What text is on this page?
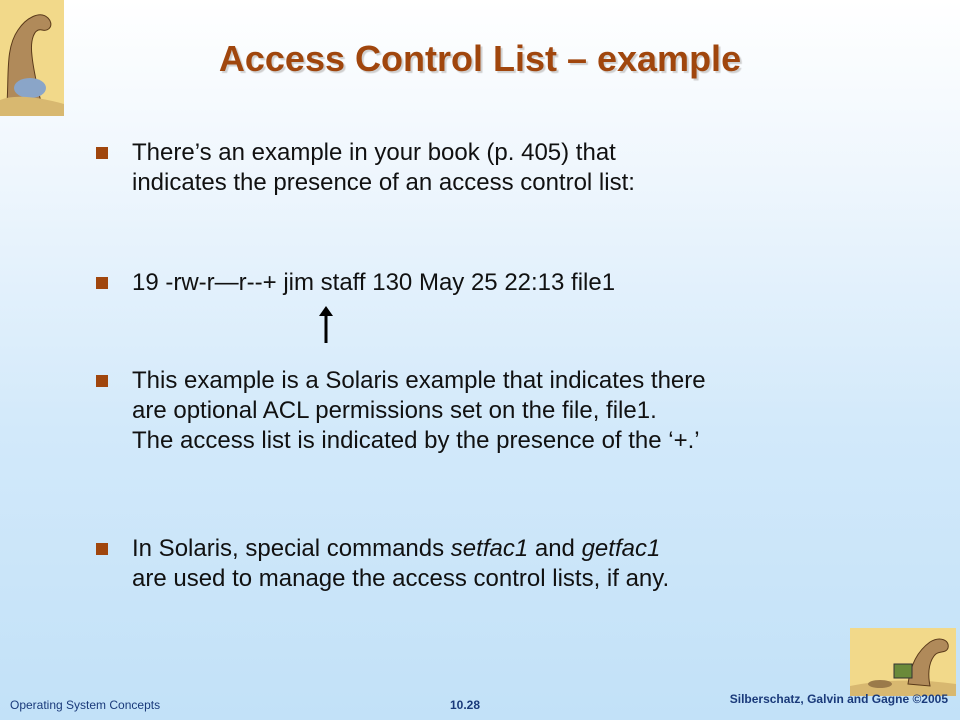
Access Control List – example
There’s an example in your book (p. 405) that
indicates the presence of an access control list:
19 -rw-r—r--+ jim staff 130 May 25 22:13 file1
This example is a Solaris example that indicates there
are optional ACL permissions set on the file, file1.
The access list is indicated by the presence of the ‘+.’
In Solaris, special commands setfac1 and getfac1
are used to manage the access control lists, if any.
Operating System Concepts	10.28	Silberschatz, Galvin and Gagne ©2005
